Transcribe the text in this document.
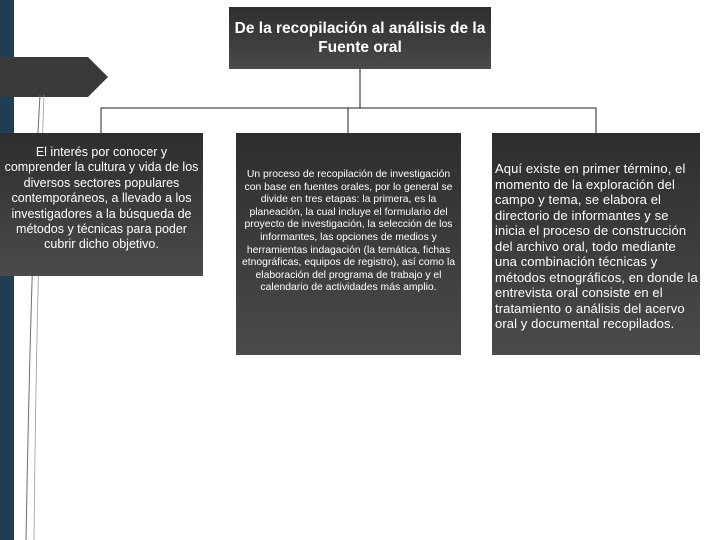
De la recopilación al análisis de la Fuente oral
El interés por conocer y comprender la cultura y vida de los diversos sectores populares contemporáneos, a llevado a los investigadores a la búsqueda de métodos y técnicas para poder cubrir dicho objetivo.
Un proceso de recopilación de investigación con base en fuentes orales, por lo general se divide en tres etapas: la primera, es la planeación, la cual incluye el formulario del proyecto de investigación, la selección de los informantes, las opciones de medios y herramientas indagación (la temática, fichas etnográficas, equipos de registro), así como la elaboración del programa de trabajo y el calendario de actividades más amplio.
Aquí existe en primer término, el momento de la exploración del campo y tema, se elabora el directorio de informantes y se inicia el proceso de construcción del archivo oral, todo mediante una combinación técnicas y métodos etnográficos, en donde la entrevista oral consiste en el tratamiento o análisis del acervo oral y documental recopilados.
